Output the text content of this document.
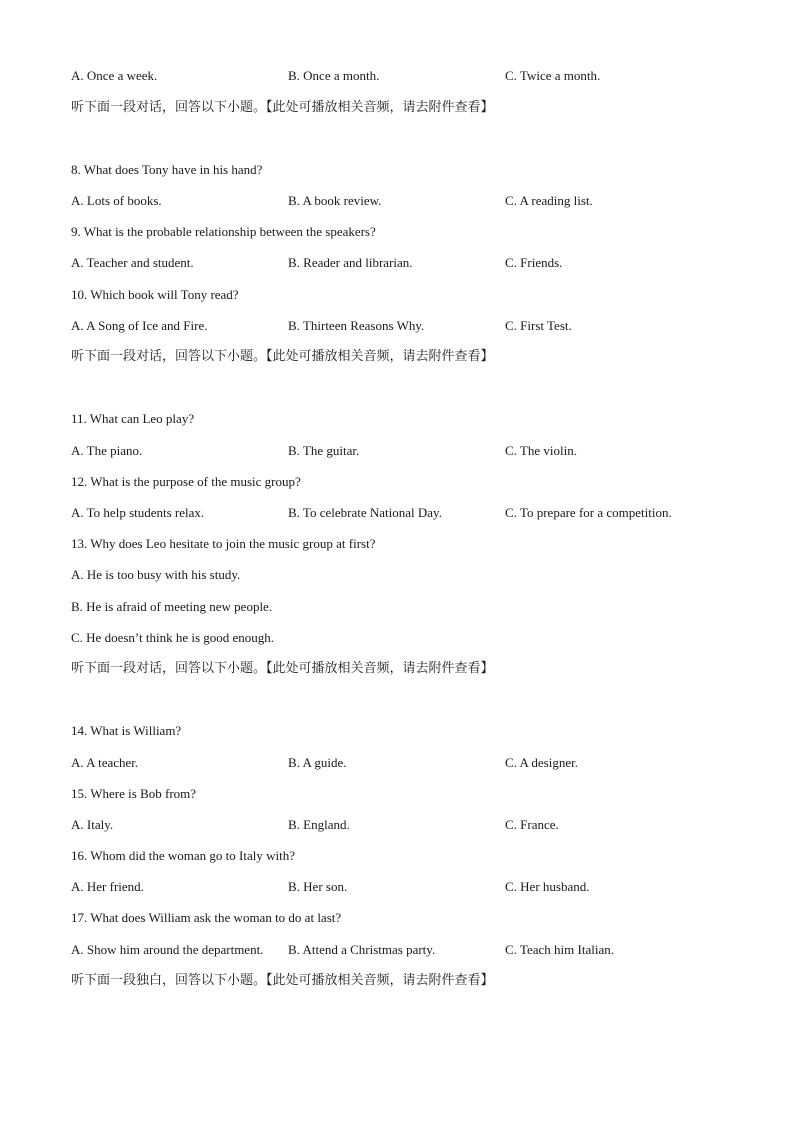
A. Once a week.	B. Once a month.	C. Twice a month.
听下面一段对话，回答以下小题。【此处可播放相关音频，请去附件查看】
8. What does Tony have in his hand?
A. Lots of books.	B. A book review.	C. A reading list.
9. What is the probable relationship between the speakers?
A. Teacher and student.	B. Reader and librarian.	C. Friends.
10. Which book will Tony read?
A. A Song of Ice and Fire.	B. Thirteen Reasons Why.	C. First Test.
听下面一段对话，回答以下小题。【此处可播放相关音频，请去附件查看】
11. What can Leo play?
A. The piano.	B. The guitar.	C. The violin.
12. What is the purpose of the music group?
A. To help students relax.	B. To celebrate National Day.	C. To prepare for a competition.
13. Why does Leo hesitate to join the music group at first?
A. He is too busy with his study.
B. He is afraid of meeting new people.
C. He doesn’t think he is good enough.
听下面一段对话，回答以下小题。【此处可播放相关音频，请去附件查看】
14. What is William?
A. A teacher.	B. A guide.	C. A designer.
15. Where is Bob from?
A. Italy.	B. England.	C. France.
16. Whom did the woman go to Italy with?
A. Her friend.	B. Her son.	C. Her husband.
17. What does William ask the woman to do at last?
A. Show him around the department. B. Attend a Christmas party.	C. Teach him Italian.
听下面一段独白，回答以下小题。【此处可播放相关音频，请去附件查看】
